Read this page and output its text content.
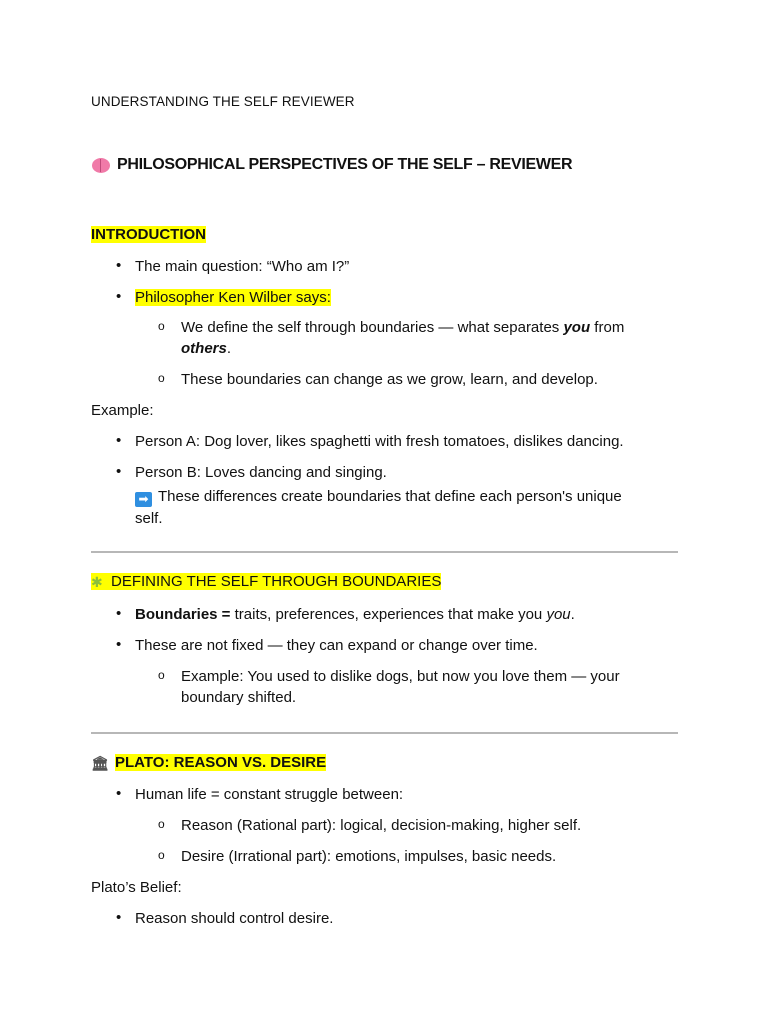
UNDERSTANDING THE SELF REVIEWER
PHILOSOPHICAL PERSPECTIVES OF THE SELF – REVIEWER
INTRODUCTION
The main question: “Who am I?”
Philosopher Ken Wilber says:
We define the self through boundaries — what separates you from
others.
These boundaries can change as we grow, learn, and develop.
Example:
Person A: Dog lover, likes spaghetti with fresh tomatoes, dislikes dancing.
Person B: Loves dancing and singing.
➡ These differences create boundaries that define each person's unique
self.
✱ DEFINING THE SELF THROUGH BOUNDARIES
Boundaries = traits, preferences, experiences that make you you.
These are not fixed — they can expand or change over time.
Example: You used to dislike dogs, but now you love them — your
boundary shifted.
🏛 PLATO: REASON VS. DESIRE
Human life = constant struggle between:
Reason (Rational part): logical, decision-making, higher self.
Desire (Irrational part): emotions, impulses, basic needs.
Plato’s Belief:
Reason should control desire.
